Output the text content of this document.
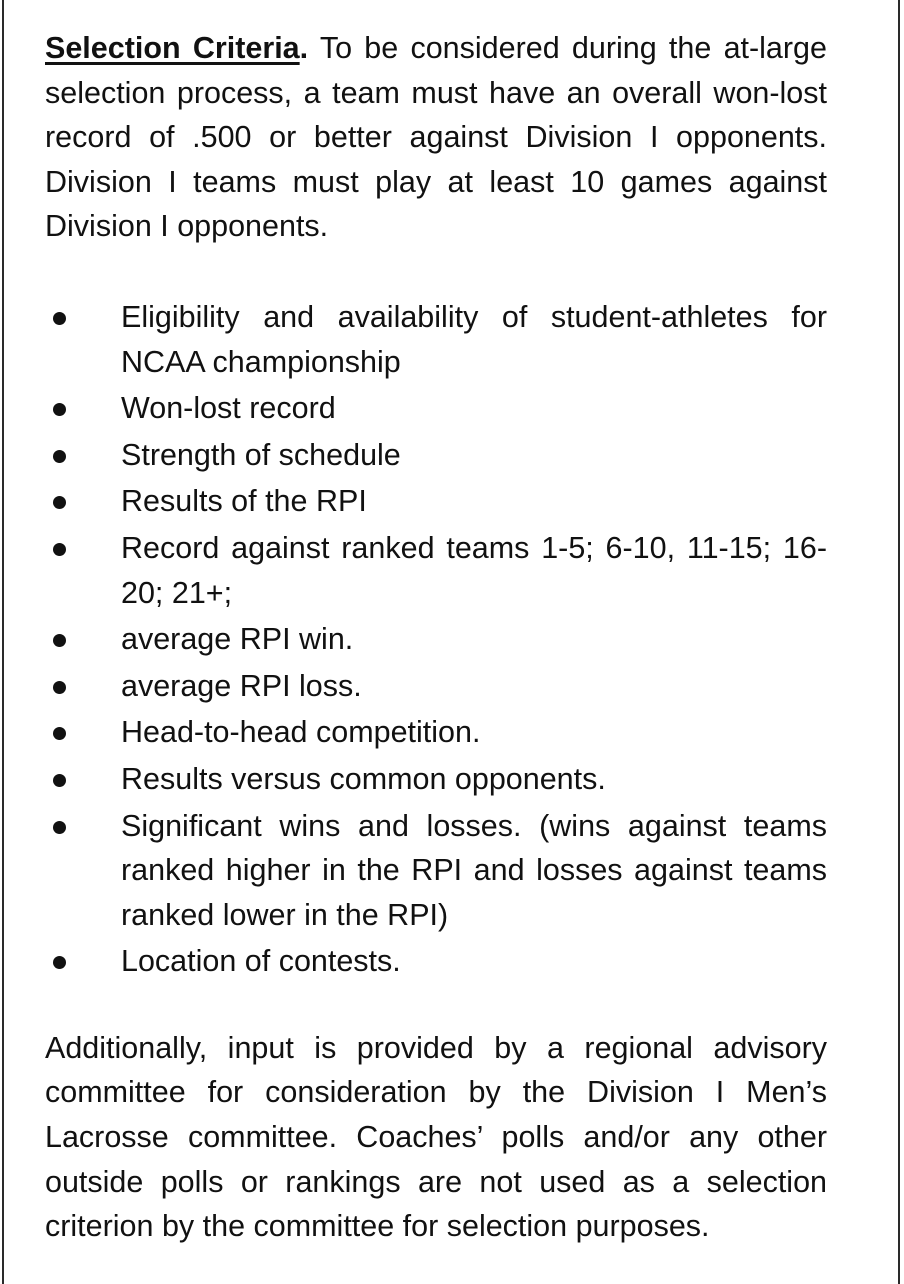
Selection Criteria. To be considered during the at-large selection process, a team must have an overall won-lost record of .500 or better against Division I opponents. Division I teams must play at least 10 games against Division I opponents.

Eligibility and availability of student-athletes for NCAA championship
Won-lost record
Strength of schedule
Results of the RPI
Record against ranked teams 1-5; 6-10, 11-15; 16-20; 21+;
average RPI win.
average RPI loss.
Head-to-head competition.
Results versus common opponents.
Significant wins and losses. (wins against teams ranked higher in the RPI and losses against teams ranked lower in the RPI)
Location of contests.

Additionally, input is provided by a regional advisory committee for consideration by the Division I Men’s Lacrosse committee. Coaches’ polls and/or any other outside polls or rankings are not used as a selection criterion by the committee for selection purposes.
